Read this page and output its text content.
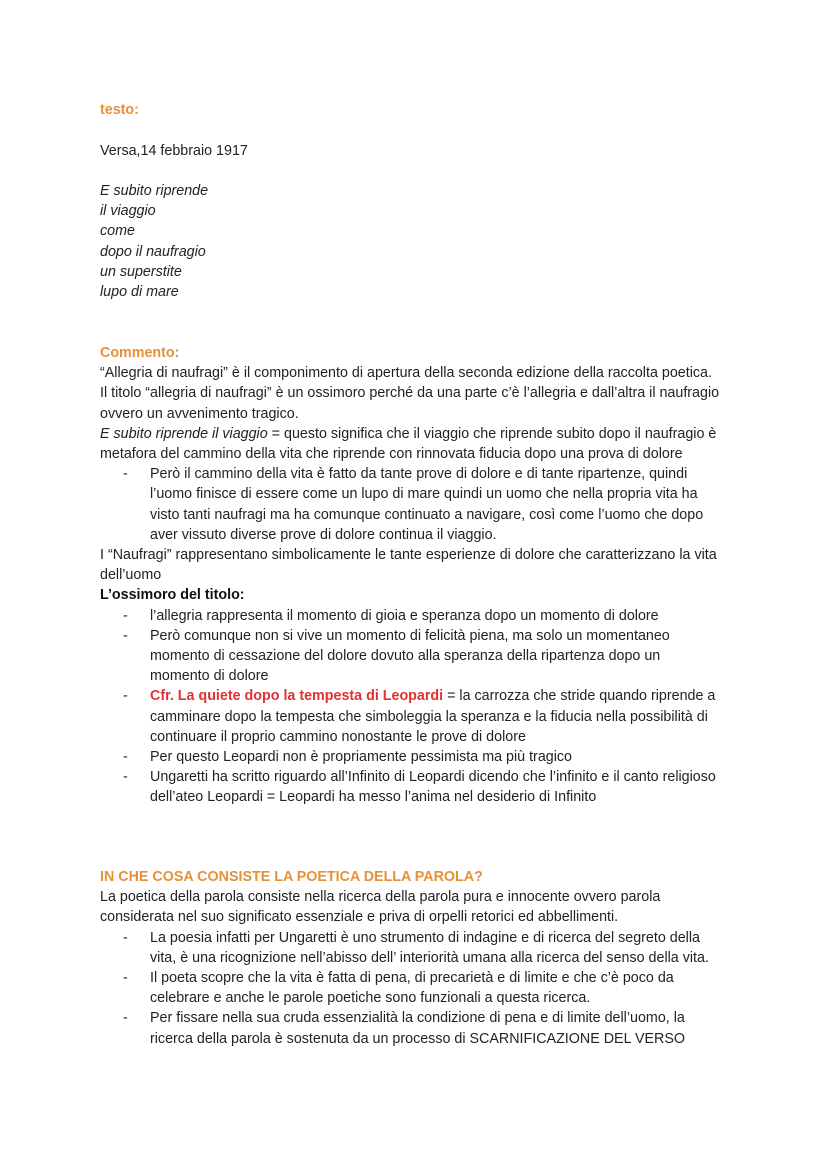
testo:

Versa,14 febbraio 1917

E subito riprende

il viaggio

come

dopo il naufragio

un superstite

lupo di mare

Commento:

“Allegria di naufragi” è il componimento di apertura della seconda edizione della raccolta poetica.

Il titolo “allegria di naufragi” è un ossimoro perché da una parte c’è l’allegria e dall’altra il naufragio ovvero un avvenimento tragico.

E subito riprende il viaggio = questo significa che il viaggio che riprende subito dopo il naufragio è metafora del cammino della vita che riprende con rinnovata fiducia dopo una prova di dolore

- Però il cammino della vita è fatto da tante prove di dolore e di tante ripartenze, quindi l’uomo finisce di essere come un lupo di mare quindi un uomo che nella propria vita ha visto tanti naufragi ma ha comunque continuato a navigare, così come l’uomo che dopo aver vissuto diverse prove di dolore continua il viaggio.

I “Naufragi” rappresentano simbolicamente le tante esperienze di dolore che caratterizzano la vita dell’uomo

L’ossimoro del titolo:

- l’allegria rappresenta il momento di gioia e speranza dopo un momento di dolore
- Però comunque non si vive un momento di felicità piena, ma solo un momentaneo momento di cessazione del dolore dovuto alla speranza della ripartenza dopo un momento di dolore
- Cfr. La quiete dopo la tempesta di Leopardi = la carrozza che stride quando riprende a camminare dopo la tempesta che simboleggia la speranza e la fiducia nella possibilità di continuare il proprio cammino nonostante le prove di dolore
- Per questo Leopardi non è propriamente pessimista ma più tragico
- Ungaretti ha scritto riguardo all’Infinito di Leopardi dicendo che l’infinito e il canto religioso dell’ateo Leopardi = Leopardi ha messo l’anima nel desiderio di Infinito

IN CHE COSA CONSISTE LA POETICA DELLA PAROLA?

La poetica della parola consiste nella ricerca della parola pura e innocente ovvero parola considerata nel suo significato essenziale e priva di orpelli retorici ed abbellimenti.

- La poesia infatti per Ungaretti è uno strumento di indagine e di ricerca del segreto della vita, è una ricognizione nell’abisso dell’ interiorità umana alla ricerca del senso della vita.
- Il poeta scopre che la vita è fatta di pena, di precarietà e di limite e che c’è poco da celebrare e anche le parole poetiche sono funzionali a questa ricerca.
- Per fissare nella sua cruda essenzialità la condizione di pena e di limite dell’uomo, la ricerca della parola è sostenuta da un processo di SCARNIFICAZIONE DEL VERSO
